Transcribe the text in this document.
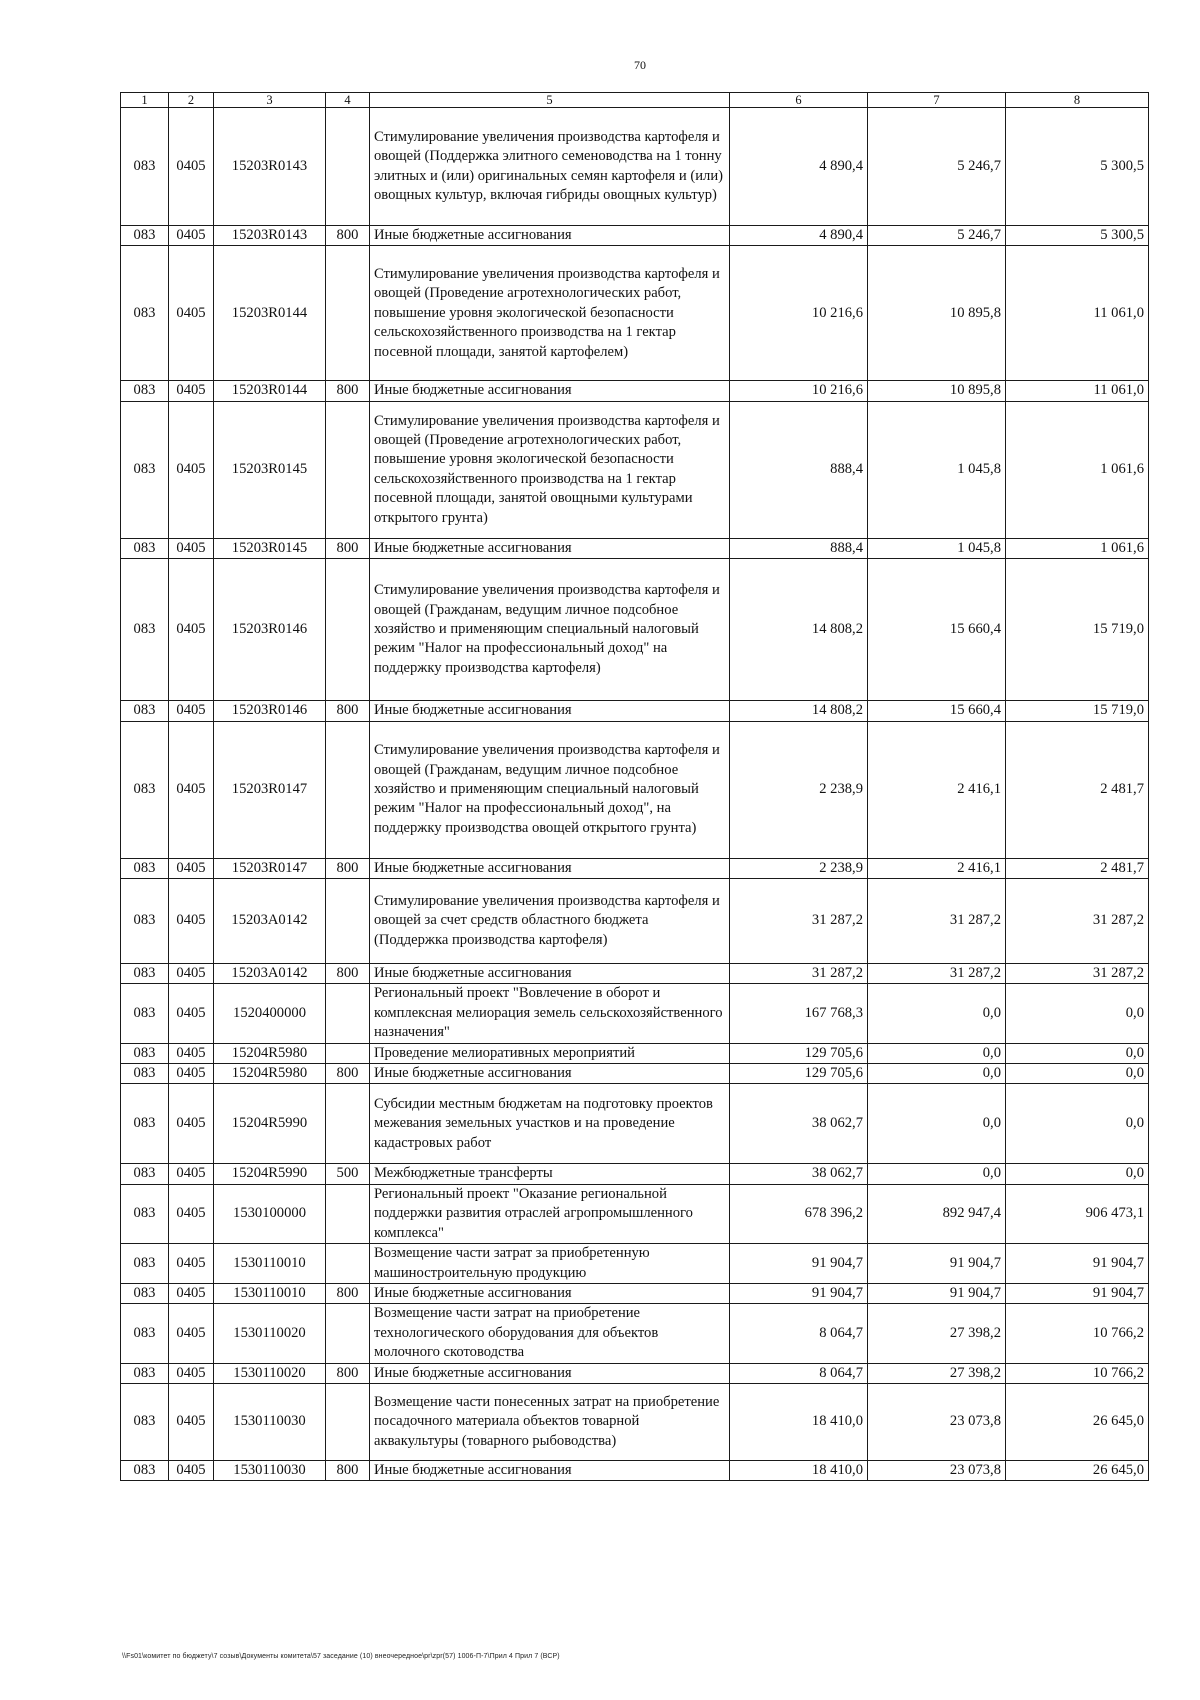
70
1	2	3	4	5	6	7	8
083	0405	15203R0143		Стимулирование увеличения производства картофеля и овощей (Поддержка элитного семеноводства на 1 тонну элитных и (или) оригинальных семян картофеля и (или) овощных культур, включая гибриды овощных культур)	4 890,4	5 246,7	5 300,5
083	0405	15203R0143	800	Иные бюджетные ассигнования	4 890,4	5 246,7	5 300,5
083	0405	15203R0144		Стимулирование увеличения производства картофеля и овощей (Проведение агротехнологических работ, повышение уровня экологической безопасности сельскохозяйственного производства на 1 гектар посевной площади, занятой картофелем)	10 216,6	10 895,8	11 061,0
083	0405	15203R0144	800	Иные бюджетные ассигнования	10 216,6	10 895,8	11 061,0
083	0405	15203R0145		Стимулирование увеличения производства картофеля и овощей (Проведение агротехнологических работ, повышение уровня экологической безопасности сельскохозяйственного производства на 1 гектар посевной площади, занятой овощными культурами открытого грунта)	888,4	1 045,8	1 061,6
083	0405	15203R0145	800	Иные бюджетные ассигнования	888,4	1 045,8	1 061,6
083	0405	15203R0146		Стимулирование увеличения производства картофеля и овощей (Гражданам, ведущим личное подсобное хозяйство и применяющим специальный налоговый режим "Налог на профессиональный доход" на поддержку производства картофеля)	14 808,2	15 660,4	15 719,0
083	0405	15203R0146	800	Иные бюджетные ассигнования	14 808,2	15 660,4	15 719,0
083	0405	15203R0147		Стимулирование увеличения производства картофеля и овощей (Гражданам, ведущим личное подсобное хозяйство и применяющим специальный налоговый режим "Налог на профессиональный доход", на поддержку производства овощей открытого грунта)	2 238,9	2 416,1	2 481,7
083	0405	15203R0147	800	Иные бюджетные ассигнования	2 238,9	2 416,1	2 481,7
083	0405	15203A0142		Стимулирование увеличения производства картофеля и овощей за счет средств областного бюджета (Поддержка производства картофеля)	31 287,2	31 287,2	31 287,2
083	0405	15203A0142	800	Иные бюджетные ассигнования	31 287,2	31 287,2	31 287,2
083	0405	1520400000		Региональный проект "Вовлечение в оборот и комплексная мелиорация земель сельскохозяйственного назначения"	167 768,3	0,0	0,0
083	0405	15204R5980		Проведение мелиоративных мероприятий	129 705,6	0,0	0,0
083	0405	15204R5980	800	Иные бюджетные ассигнования	129 705,6	0,0	0,0
083	0405	15204R5990		Субсидии местным бюджетам на подготовку проектов межевания земельных участков и на проведение кадастровых работ	38 062,7	0,0	0,0
083	0405	15204R5990	500	Межбюджетные трансферты	38 062,7	0,0	0,0
083	0405	1530100000		Региональный проект "Оказание региональной поддержки развития отраслей агропромышленного комплекса"	678 396,2	892 947,4	906 473,1
083	0405	1530110010		Возмещение части затрат за приобретенную машиностроительную продукцию	91 904,7	91 904,7	91 904,7
083	0405	1530110010	800	Иные бюджетные ассигнования	91 904,7	91 904,7	91 904,7
083	0405	1530110020		Возмещение части затрат на приобретение технологического оборудования для объектов молочного скотоводства	8 064,7	27 398,2	10 766,2
083	0405	1530110020	800	Иные бюджетные ассигнования	8 064,7	27 398,2	10 766,2
083	0405	1530110030		Возмещение части понесенных затрат на приобретение посадочного материала объектов товарной аквакультуры (товарного рыбоводства)	18 410,0	23 073,8	26 645,0
083	0405	1530110030	800	Иные бюджетные ассигнования	18 410,0	23 073,8	26 645,0
\\Fs01\комитет по бюджету\7 созыв\Документы комитета\57 заседание (10) внеочередное\pr\zpr(57) 1006-П-7\Прил 4 Прил 7 (ВСР)
